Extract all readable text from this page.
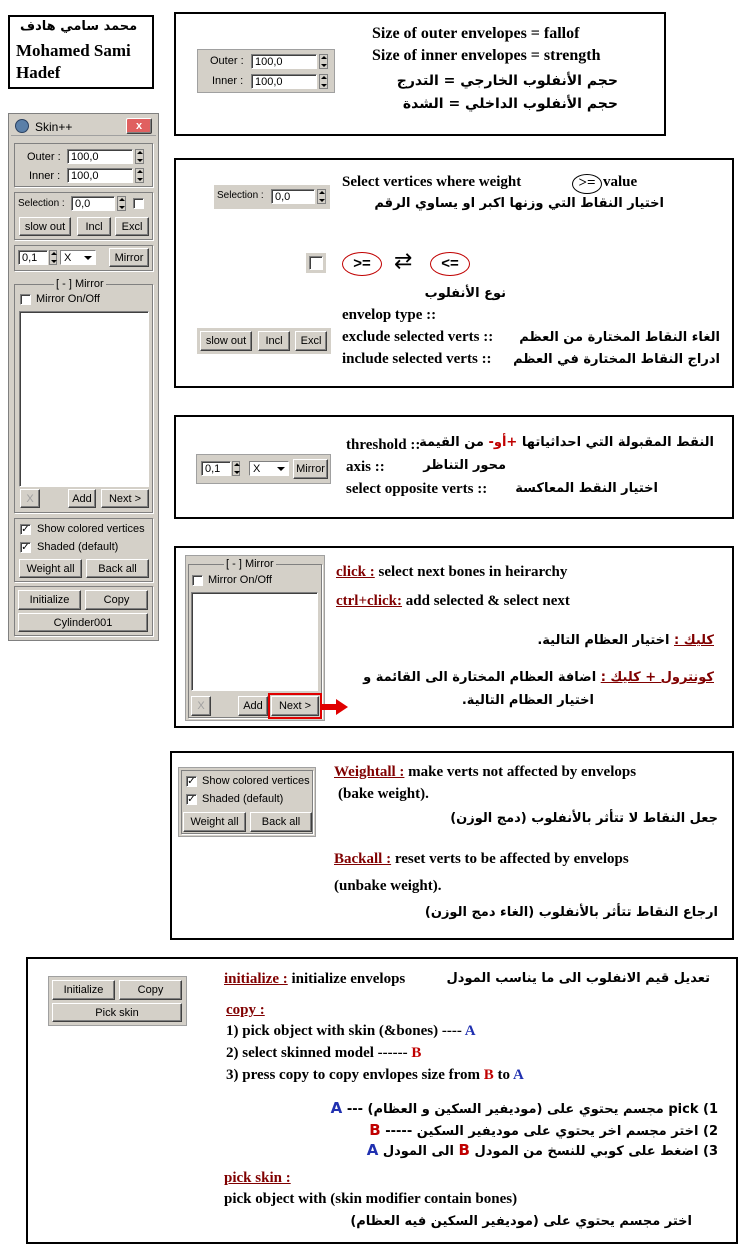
محمد سامي هادف
Mohamed Sami
Hadef
Skin++	x
Outer : 100,0
Inner : 100,0
Selection : 0,0
slow out	Incl	Excl
0,1	X	Mirror
[ - ] Mirror
Mirror On/Off
X	Add	Next >
✓ Show colored vertices
✓ Shaded (default)
Weight all	Back all
Initialize	Copy
Cylinder001
Outer :	100,0
Inner :	100,0
Size of outer envelopes = fallof
Size of inner envelopes = strength
حجم الأنفلوب الخارجي = التدرج
حجم الأنفلوب الداخلي = الشدة
Selection :	0,0
Select vertices where weight	>= value
اختيار النقاط التي وزنها اكبر او يساوي الرقم
>=	⇄	<=
slow out	Incl	Excl
نوع الأنفلوب
envelop type ::
exclude selected verts :: الغاء النقاط المختارة من العظم
include selected verts :: ادراج النقاط المختارة في العظم
0,1	X	Mirror
النقط المقبولة التي احداثياتها +أو- من القيمة
threshold ::
axis ::	محور التناظر
select opposite verts :: اختيار النقط المعاكسة
[ - ] Mirror
Mirror On/Off
X	Add	Next >
click : select next bones in heirarchy
ctrl+click: add selected & select next
كليك : اختيار العظام التالية.
كونترول + كليك : اضافة العظام المختارة الى القائمة و
اختيار العظام التالية.
✓ Show colored vertices
✓ Shaded (default)
Weight all	Back all
Weightall : make verts not affected by envelops
(bake weight).
جعل النقاط لا تتأثر بالأنفلوب (دمج الوزن)
Backall : reset verts to be affected by envelops
(unbake weight).
ارجاع النقاط تتأثر بالأنفلوب (الغاء دمج الوزن)
Initialize	Copy
Pick skin
initialize : initialize envelops	تعديل قيم الانفلوب الى ما يناسب المودل
copy :
1) pick object with skin (&bones) ---- A
2) select skinned model ------ B
3) press copy to copy envlopes size from B to A
1) pick مجسم يحتوي على (موديفير السكين و العظام) --- A
2) اختر مجسم اخر يحتوي على موديفير السكين ----- B
3) اضغط على كوبي للنسخ من المودل B الى المودل A
pick skin :
pick object with (skin modifier contain bones)
اختر مجسم يحتوي على (موديفير السكين فيه العظام)
